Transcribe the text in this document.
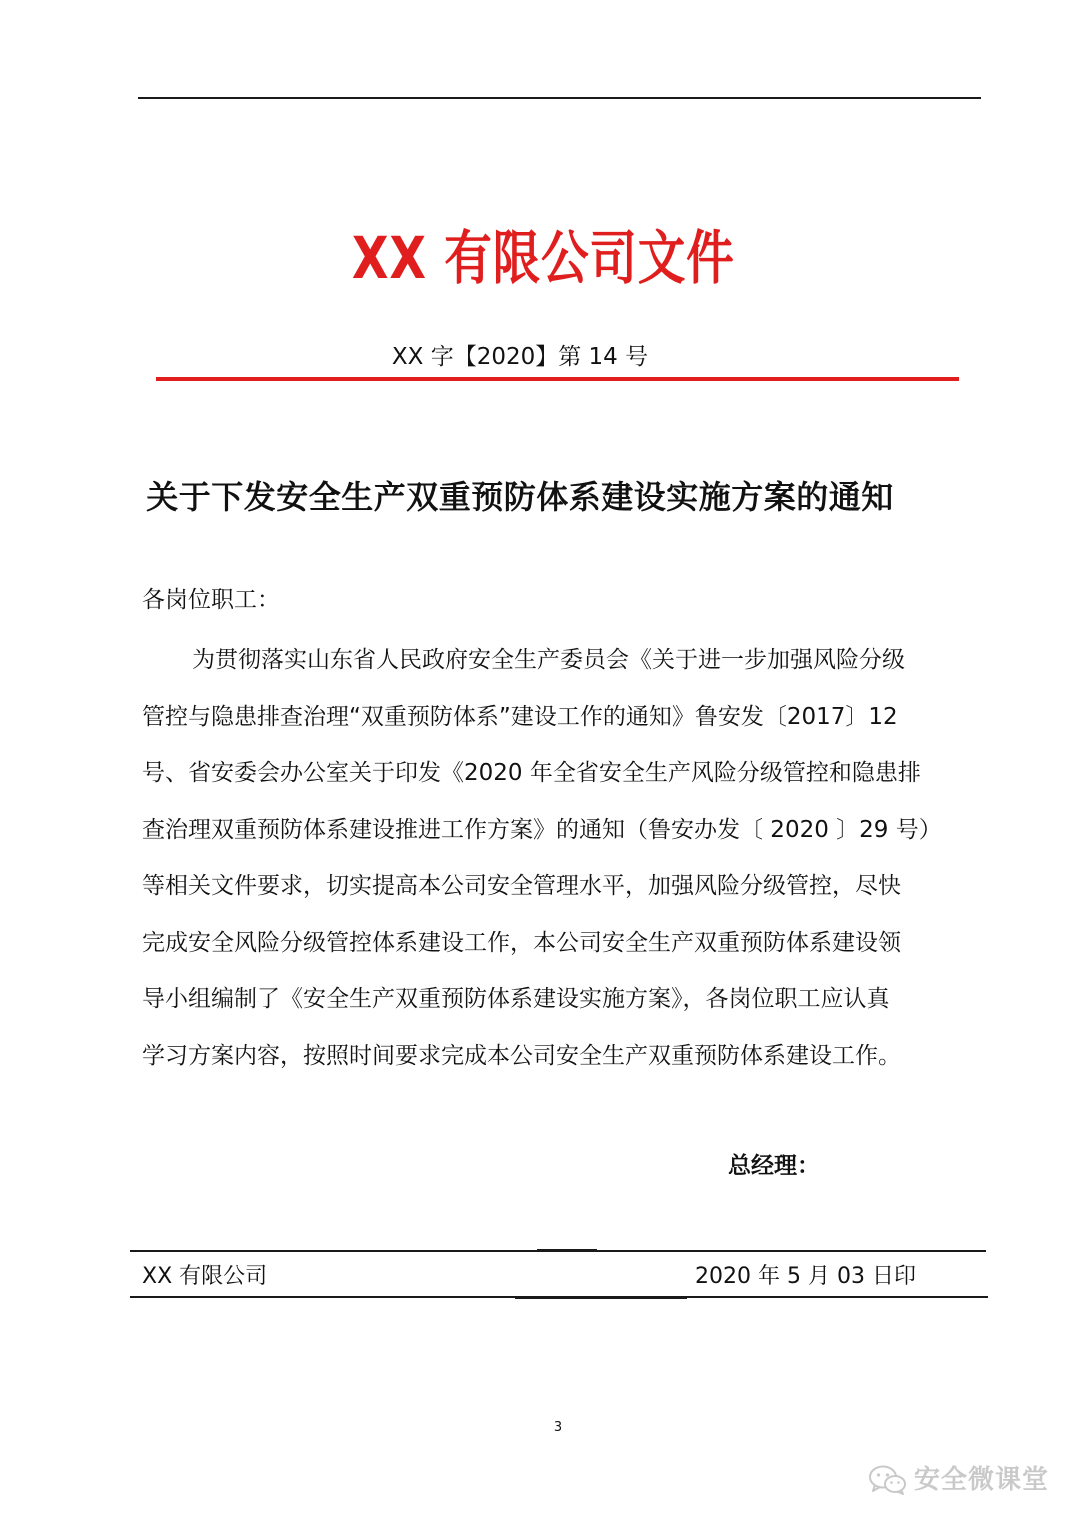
XX 有限公司文件
XX 字【2020】第 14 号
关于下发安全生产双重预防体系建设实施方案的通知
各岗位职工：
为贯彻落实山东省人民政府安全生产委员会《关于进一步加强风险分级
管控与隐患排查治理“双重预防体系”建设工作的通知》鲁安发〔2017〕12
号、省安委会办公室关于印发《2020 年全省安全生产风险分级管控和隐患排
查治理双重预防体系建设推进工作方案》的通知（鲁安办发〔 2020 〕29 号）
等相关文件要求，切实提高本公司安全管理水平，加强风险分级管控，尽快
完成安全风险分级管控体系建设工作，本公司安全生产双重预防体系建设领
导小组编制了《安全生产双重预防体系建设实施方案》，各岗位职工应认真
学习方案内容，按照时间要求完成本公司安全生产双重预防体系建设工作。
总经理：
XX 有限公司	2020 年 5 月 03 日印
3
安全微课堂
